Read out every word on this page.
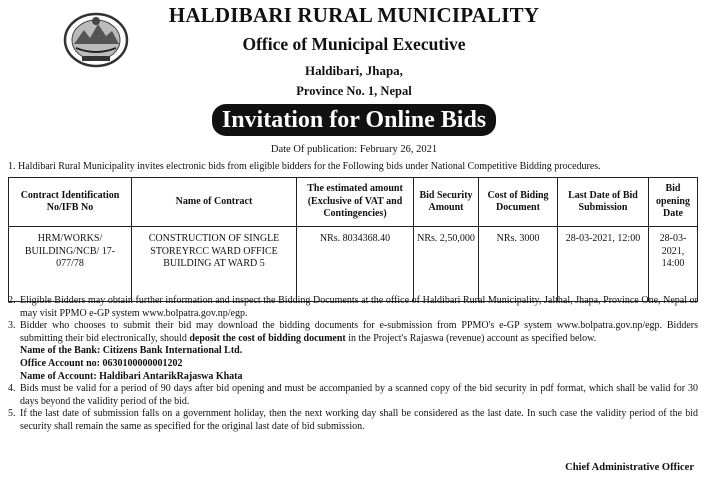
HALDIBARI RURAL MUNICIPALITY
Office of Municipal Executive
Haldibari, Jhapa,
Province No. 1, Nepal
Invitation for Online Bids
Date Of publication: February 26, 2021
1. Haldibari Rural Municipality invites electronic bids from eligible bidders for the Following bids under National Competitive Bidding procedures.
Contract Identification No/IFB No	Name of Contract	The estimated amount (Exclusive of VAT and Contingencies)	Bid Security Amount	Cost of Biding Document	Last Date of Bid Submission	Bid opening Date
HRM/WORKS/ BUILDING/NCB/ 17-077/78	CONSTRUCTION OF SINGLE STOREYRCC WARD OFFICE BUILDING AT WARD 5	NRs. 8034368.40	NRs. 2,50,000	NRs. 3000	28-03-2021, 12:00	28-03-2021, 14:00
2. Eligible Bidders may obtain further information and inspect the Bidding Documents at the office of Haldibari Rural Municipality, Jalthal, Jhapa, Province One, Nepal or may visit PPMO e-GP system www.bolpatra.gov.np/egp.
3. Bidder who chooses to submit their bid may download the bidding documents for e-submission from PPMO's e-GP system www.bolpatra.gov.np/egp. Bidders submitting their bid electronically, should deposit the cost of bidding document in the Project's Rajaswa (revenue) account as specified below.
Name of the Bank: Citizens Bank International Ltd.
Office Account no: 0630100000001202
Name of Account: Haldibari AntarikRajaswa Khata
4. Bids must be valid for a period of 90 days after bid opening and must be accompanied by a scanned copy of the bid security in pdf format, which shall be valid for 30 days beyond the validity period of the bid.
5. If the last date of submission falls on a government holiday, then the next working day shall be considered as the last date. In such case the validity period of the bid security shall remain the same as specified for the original last date of bid submission.
Chief Administrative Officer
